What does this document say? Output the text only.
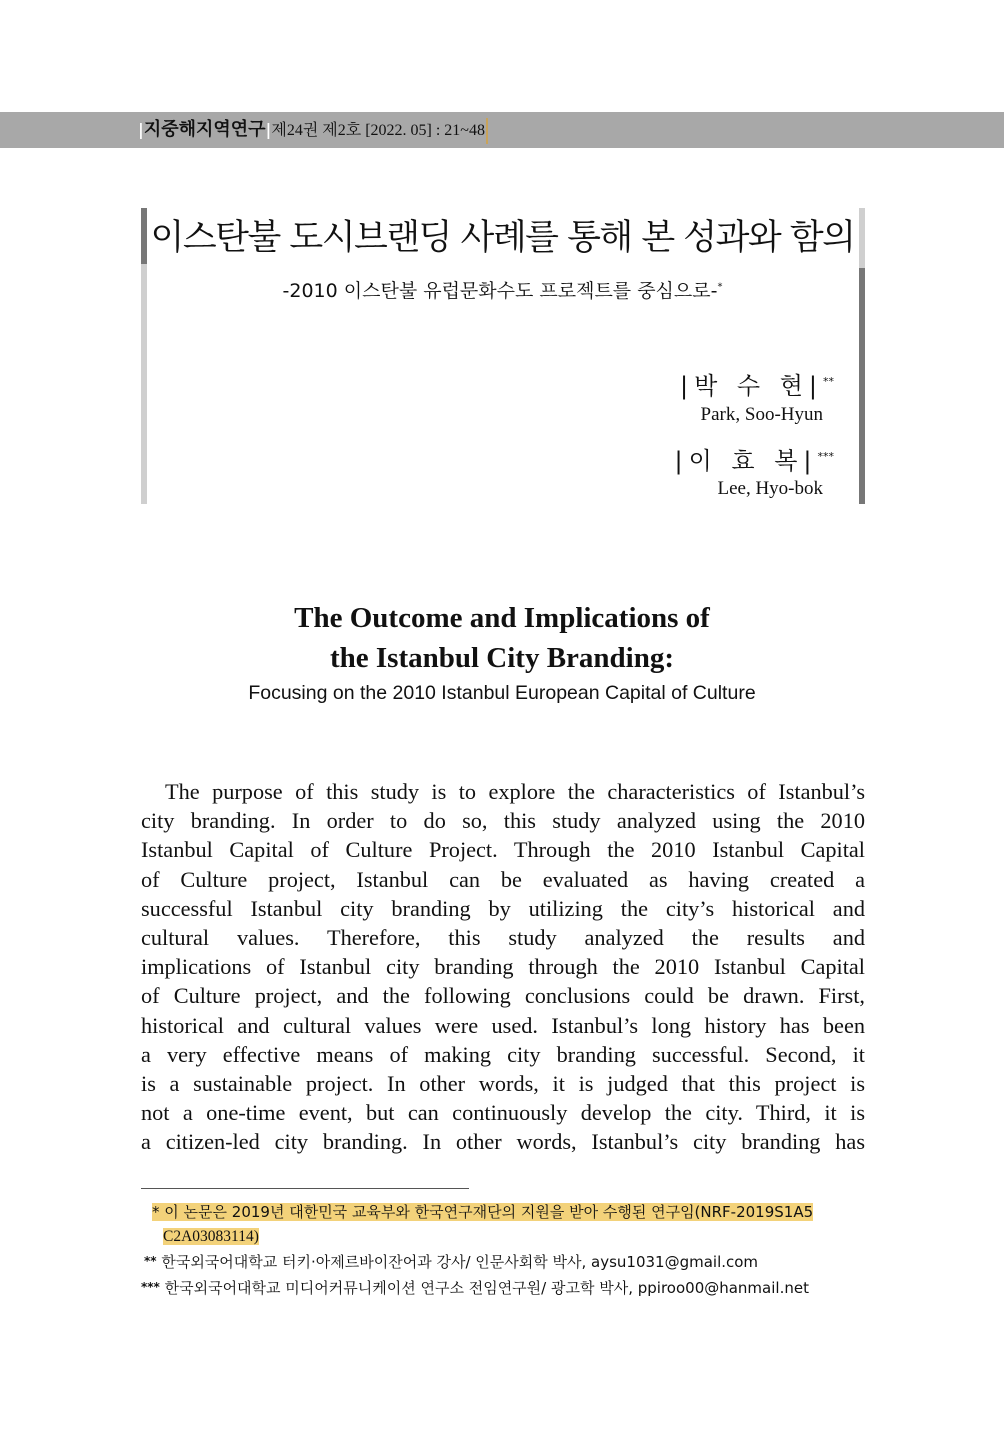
|지중해지역연구|제24권 제2호 [2022. 05] : 21~48
이스탄불 도시브랜딩 사례를 통해 본 성과와 함의
-2010 이스탄불 유럽문화수도 프로젝트를 중심으로-*
|박 수 현|**
Park, Soo-Hyun
|이 효 복|***
Lee, Hyo-bok
The Outcome and Implications of
the Istanbul City Branding:
Focusing on the 2010 Istanbul European Capital of Culture
The purpose of this study is to explore the characteristics of Istanbul’s
city branding. In order to do so, this study analyzed using the 2010
Istanbul Capital of Culture Project. Through the 2010 Istanbul Capital
of Culture project, Istanbul can be evaluated as having created a
successful Istanbul city branding by utilizing the city’s historical and
cultural values. Therefore, this study analyzed the results and
implications of Istanbul city branding through the 2010 Istanbul Capital
of Culture project, and the following conclusions could be drawn. First,
historical and cultural values were used. Istanbul’s long history has been
a very effective means of making city branding successful. Second, it
is a sustainable project. In other words, it is judged that this project is
not a one-time event, but can continuously develop the city. Third, it is
a citizen-led city branding. In other words, Istanbul’s city branding has
* 이 논문은 2019년 대한민국 교육부와 한국연구재단의 지원을 받아 수행된 연구임(NRF-2019S1A5
C2A03083114)
** 한국외국어대학교 터키·아제르바이잔어과 강사/ 인문사회학 박사, aysu1031@gmail.com
*** 한국외국어대학교 미디어커뮤니케이션 연구소 전임연구원/ 광고학 박사, ppiroo00@hanmail.net
